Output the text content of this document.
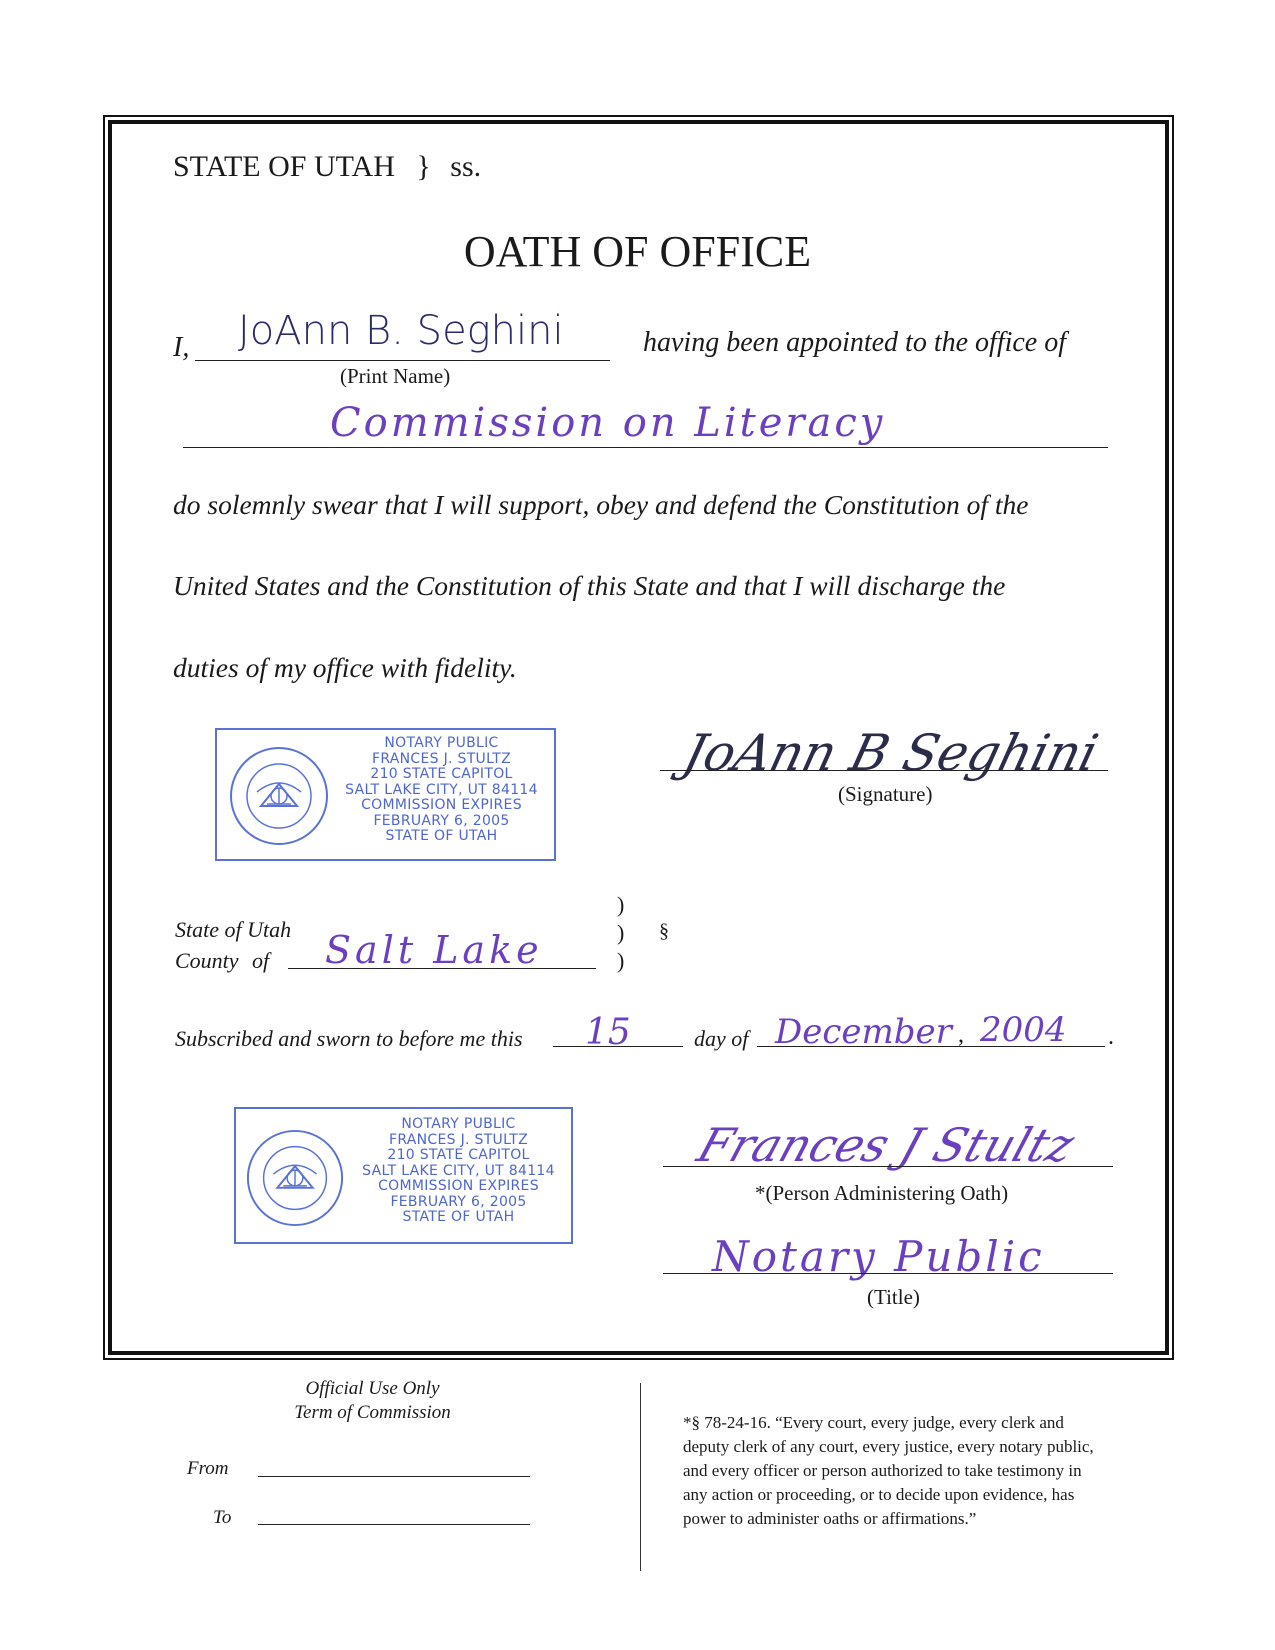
STATE OF UTAH } ss.
OATH OF OFFICE
I, JoAnn B. Seghini
(Print Name)
having been appointed to the office of
Commission on Literacy
do solemnly swear that I will support, obey and defend the Constitution of the
United States and the Constitution of this State and that I will discharge the
duties of my office with fidelity.
NOTARY PUBLIC
FRANCES J. STULTZ
210 STATE CAPITOL
SALT LAKE CITY, UT 84114
COMMISSION EXPIRES
FEBRUARY 6, 2005
STATE OF UTAH
JoAnn B Seghini
(Signature)
State of Utah
County of Salt Lake
)
)
)
§
Subscribed and sworn to before me this 15	day of December , 2004 .
NOTARY PUBLIC
FRANCES J. STULTZ
210 STATE CAPITOL
SALT LAKE CITY, UT 84114
COMMISSION EXPIRES
FEBRUARY 6, 2005
STATE OF UTAH
Frances J Stultz
*(Person Administering Oath)
Notary Public
(Title)
Official Use Only
Term of Commission
From
To
*§ 78-24-16. “Every court, every judge, every clerk and
deputy clerk of any court, every justice, every notary public,
and every officer or person authorized to take testimony in
any action or proceeding, or to decide upon evidence, has
power to administer oaths or affirmations.”
